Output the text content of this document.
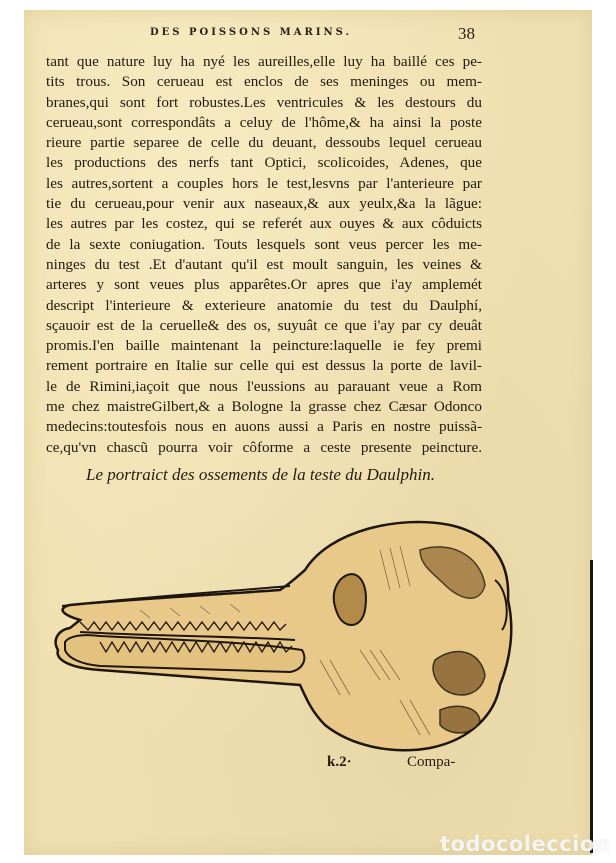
DES POISSONS MARINS.	38
tant que nature luy ha nyé les aureilles,elle luy ha baillé ces pe-
tits trous. Son cerueau est enclos de ses meninges ou mem-
branes,qui sont fort robustes.Les ventricules & les destours du
cerueau,sont correspondâts a celuy de l'hôme,& ha ainsi la poste
rieure partie separee de celle du deuant, dessoubs lequel cerueau
les productions des nerfs tant Optici, scolicoides, Adenes, que
les autres,sortent a couples hors le test,lesvns par l'anterieure par
tie du cerueau,pour venir aux naseaux,& aux yeulx,&a la lãgue:
les autres par les costez, qui se referét aux ouyes & aux côduicts
de la sexte coniugation. Touts lesquels sont veus percer les me-
ninges du test .Et d'autant qu'il est moult sanguin, les veines &
arteres y sont veues plus apparêtes.Or apres que i'ay amplemét
descript l'interieure & exterieure anatomie du test du Daulphí,
sçauoir est de la ceruelle& des os, suyuât ce que i'ay par cy deuât
promis.I'en baille maintenant la peincture:laquelle ie fey premi
rement portraire en Italie sur celle qui est dessus la porte de lavil-
le de Rimini,iaçoit que nous l'eussions au parauant veue a Rom
me chez maistreGilbert,& a Bologne la grasse chez Cæsar Odonco
medecins:toutesfois nous en auons aussi a Paris en nostre puissã-
ce,qu'vn chascũ pourra voir côforme a ceste presente peincture.
Le portraict des ossements de la teste du Daulphin.
k.2·	Compa-
todocoleccion
